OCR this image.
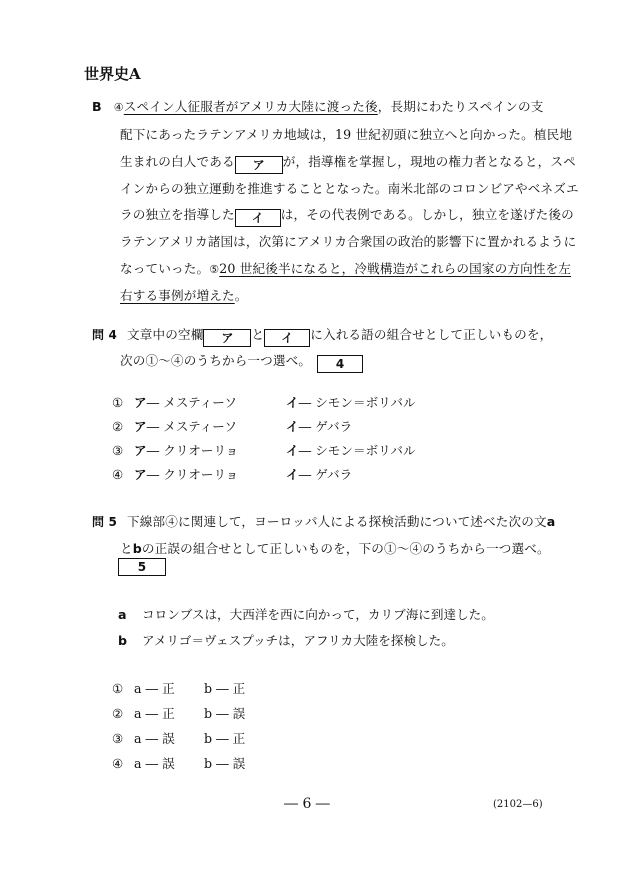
世界史A
B ④スペイン人征服者がアメリカ大陸に渡った後，長期にわたりスペインの支
配下にあったラテンアメリカ地域は，19 世紀初頭に独立へと向かった。植民地
生まれの白人である ア が，指導権を掌握し，現地の権力者となると，スペ
インからの独立運動を推進することとなった。南米北部のコロンビアやベネズエ
ラの独立を指導した イ は，その代表例である。しかし，独立を遂げた後の
ラテンアメリカ諸国は，次第にアメリカ合衆国の政治的影響下に置かれるように
なっていった。⑤20 世紀後半になると，冷戦構造がこれらの国家の方向性を左
右する事例が増えた。
問 4 文章中の空欄 ア と イ に入れる語の組合せとして正しいものを，
次の①～④のうちから一つ選べ。 4
① ア― メスティーソ	イ― シモン＝ボリバル
② ア― メスティーソ	イ― ゲバラ
③ ア― クリオーリョ	イ― シモン＝ボリバル
④ ア― クリオーリョ	イ― ゲバラ
問 5 下線部④に関連して，ヨーロッパ人による探検活動について述べた次の文a
とbの正誤の組合せとして正しいものを，下の①～④のうちから一つ選べ。
5
a コロンブスは，大西洋を西に向かって，カリブ海に到達した。
b アメリゴ＝ヴェスプッチは，アフリカ大陸を探検した。
① a ― 正 b ― 正
② a ― 正 b ― 誤
③ a ― 誤 b ― 正
④ a ― 誤 b ― 誤
― 6 ―	(2102—6)
